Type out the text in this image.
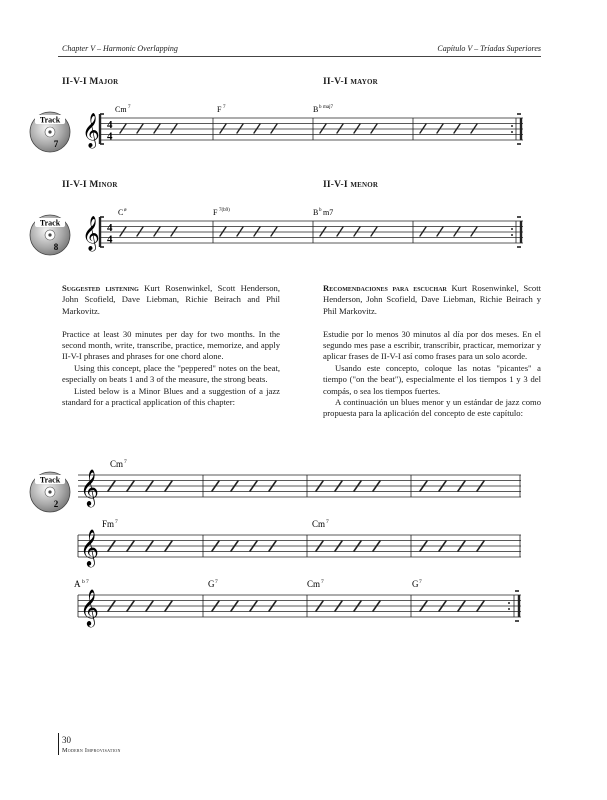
Chapter V – Harmonic Overlapping	Capítulo V – Tríadas Superiores
II-V-I Major	II-V-I mayor
Track
7 𝄞 4
4
Cm 7	F 7	B b maj7
II-V-I Minor	II-V-I menor
Track
8 𝄞 4
4
C ø	F 7(b9)	B b m7

Suggested listening Kurt Rosenwinkel, Scott Henderson, John Scofield, Dave Liebman, Richie Beirach and Phil Markovitz.

Practice at least 30 minutes per day for two months. In the second month, write, transcribe, practice, memorize, and apply II-V-I phrases and phrases for one chord alone.

Using this concept, place the "peppered" notes on the beat, especially on beats 1 and 3 of the measure, the strong beats.

Listed below is a Minor Blues and a suggestion of a jazz standard for a practical application of this chapter:

Recomendaciones para escuchar Kurt Rosenwinkel, Scott Henderson, John Scofield, Dave Liebman, Richie Beirach y Phil Markovitz.

Estudie por lo menos 30 minutos al día por dos meses. En el segundo mes pase a escribir, transcribir, practicar, memorizar y aplicar frases de II-V-I así como frases para un solo acorde.

Usando este concepto, coloque las notas "picantes" a tiempo ("on the beat"), especialmente el los tiempos 1 y 3 del compás, o sea los tiempos fuertes.

A continuación un blues menor y un estándar de jazz como propuesta para la aplicación del concepto de este capítulo:

Track
2 𝄞
Cm 7
𝄞
Fm 7	Cm 7
𝄞
A b 7	G 7	Cm 7	G 7
30
Modern Improvisation
